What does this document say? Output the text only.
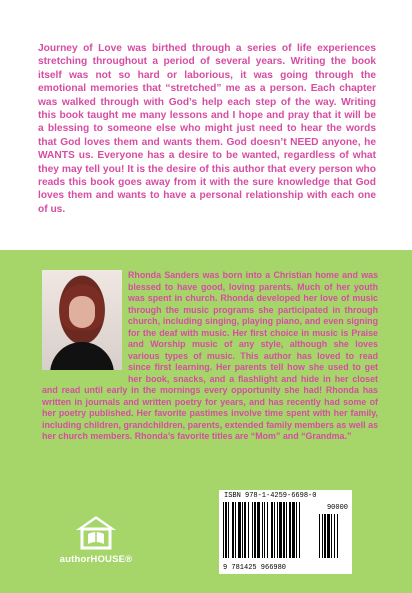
Journey of Love was birthed through a series of life experiences stretching throughout a period of several years. Writing the book itself was not so hard or laborious, it was going through the emotional memories that “stretched” me as a person. Each chapter was walked through with God’s help each step of the way. Writing this book taught me many lessons and I hope and pray that it will be a blessing to someone else who might just need to hear the words that God loves them and wants them. God doesn’t NEED anyone, he WANTS us. Everyone has a desire to be wanted, regardless of what they may tell you! It is the desire of this author that every person who reads this book goes away from it with the sure knowledge that God loves them and wants to have a personal relationship with each one of us.

Rhonda Sanders was born into a Christian home and was blessed to have good, loving parents. Much of her youth was spent in church. Rhonda developed her love of music through the music programs she participated in through church, including singing, playing piano, and even signing for the deaf with music. Her first choice in music is Praise and Worship music of any style, although she loves various types of music. This author has loved to read since first learning. Her parents tell how she used to get her book, snacks, and a flashlight and hide in her closet and read until early in the mornings every opportunity she had! Rhonda has written in journals and written poetry for years, and has recently had some of her poetry published. Her favorite pastimes involve time spent with her family, including children, grandchildren, parents, extended family members as well as her church members. Rhonda’s favorite titles are “Mom” and “Grandma.”

authorHOUSE®
ISBN 978-1-4259-6698-0
90000
9 781425 966980
